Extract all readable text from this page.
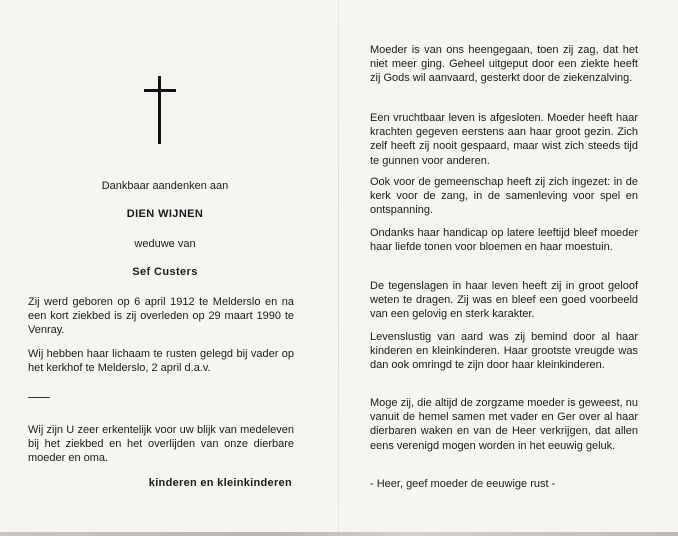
Dankbaar aandenken aan
DIEN WIJNEN
weduwe van
Sef Custers

Zij werd geboren op 6 april 1912 te Melderslo en na een kort ziekbed is zij overleden op 29 maart 1990 te Venray.

Wij hebben haar lichaam te rusten gelegd bij vader op het kerkhof te Melderslo, 2 april d.a.v.

Wij zijn U zeer erkentelijk voor uw blijk van medeleven bij het ziekbed en het overlijden van onze dierbare moeder en oma.

kinderen en kleinkinderen

Moeder is van ons heengegaan, toen zij zag, dat het niet meer ging. Geheel uitgeput door een ziekte heeft zij Gods wil aanvaard, gesterkt door de ziekenzalving.

Een vruchtbaar leven is afgesloten. Moeder heeft haar krachten gegeven eerstens aan haar groot gezin. Zich zelf heeft zij nooit gespaard, maar wist zich steeds tijd te gunnen voor anderen.

Ook voor de gemeenschap heeft zij zich ingezet: in de kerk voor de zang, in de samenleving voor spel en ontspanning.

Ondanks haar handicap op latere leeftijd bleef moeder haar liefde tonen voor bloemen en haar moestuin.

De tegenslagen in haar leven heeft zij in groot geloof weten te dragen. Zij was en bleef een goed voorbeeld van een gelovig en sterk karakter.

Levenslustig van aard was zij bemind door al haar kinderen en kleinkinderen. Haar grootste vreugde was dan ook omringd te zijn door haar kleinkinderen.

Moge zij, die altijd de zorgzame moeder is geweest, nu vanuit de hemel samen met vader en Ger over al haar dierbaren waken en van de Heer verkrijgen, dat allen eens verenigd mogen worden in het eeuwig geluk.

- Heer, geef moeder de eeuwige rust -
